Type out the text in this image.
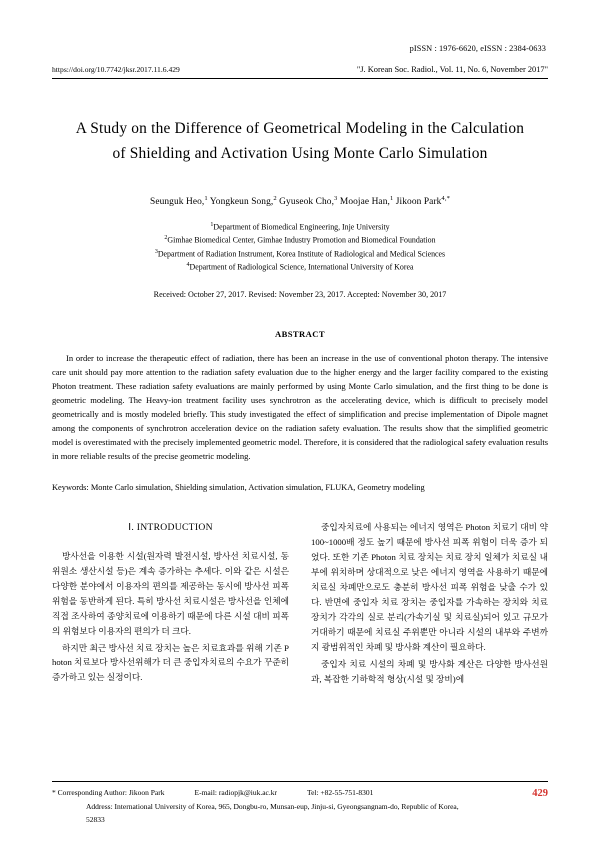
pISSN : 1976-6620, eISSN : 2384-0633
https://doi.org/10.7742/jksr.2017.11.6.429	"J. Korean Soc. Radiol., Vol. 11, No. 6, November 2017"
A Study on the Difference of Geometrical Modeling in the Calculation
of Shielding and Activation Using Monte Carlo Simulation
Seunguk Heo,$^1$ Yongkeun Song,$^2$ Gyuseok Cho,$^3$ Moojae Han,$^1$ Jikoon Park$^{4,*}$
$^1$Department of Biomedical Engineering, Inje University
$^2$Gimhae Biomedical Center, Gimhae Industry Promotion and Biomedical Foundation
$^3$Department of Radiation Instrument, Korea Institute of Radiological and Medical Sciences
$^4$Department of Radiological Science, International University of Korea
Received: October 27, 2017. Revised: November 23, 2017. Accepted: November 30, 2017
ABSTRACT
In order to increase the therapeutic effect of radiation, there has been an increase in the use of conventional photon therapy. The intensive care unit should pay more attention to the radiation safety evaluation due to the higher energy and the larger facility compared to the existing Photon treatment. These radiation safety evaluations are mainly performed by using Monte Carlo simulation, and the first thing to be done is geometric modeling. The Heavy-ion treatment facility uses synchrotron as the accelerating device, which is difficult to precisely model geometrically and is mostly modeled briefly. This study investigated the effect of simplification and precise implementation of Dipole magnet among the components of synchrotron acceleration device on the radiation safety evaluation. The results show that the simplified geometric model is overestimated with the precisely implemented geometric model. Therefore, it is considered that the radiological safety evaluation results in more reliable results of the precise geometric modeling.
Keywords: Monte Carlo simulation, Shielding simulation, Activation simulation, FLUKA, Geometry modeling
Ⅰ. INTRODUCTION

방사선을 이용한 시설(원자력 발전시설, 방사선 치료시설, 동위원소 생산시설 등)은 계속 증가하는 추세다. 이와 같은 시설은 다양한 분야에서 이용자의 편의를 제공하는 동시에 방사선 피폭 위험을 동반하게 된다. 특히 방사선 치료시설은 방사선을 인체에 직접 조사하여 종양치료에 이용하기 때문에 다른 시설 대비 피폭의 위험보다 이용자의 편의가 더 크다.

하지만 최근 방사선 치료 장치는 높은 치료효과를 위해 기존 Photon 치료보다 방사선위해가 더 큰 중입자치료의 수요가 꾸준히 증가하고 있는 실정이다.

중입자치료에 사용되는 에너지 영역은 Photon 치료기 대비 약 100~1000배 정도 높기 때문에 방사선 피폭 위험이 더욱 증가 되었다. 또한 기존 Photon 치료 장치는 치료 장치 일체가 치료실 내부에 위치하며 상대적으로 낮은 에너지 영역을 사용하기 때문에 치료실 차폐만으로도 충분히 방사선 피폭 위험을 낮출 수가 있다. 반면에 중입자 치료 장치는 중입자를 가속하는 장치와 치료 장치가 각각의 실로 분리(가속기실 및 치료실)되어 있고 규모가 거대하기 때문에 치료실 주위뿐만 아니라 시설의 내부와 주변까지 광범위적인 차폐 및 방사화 계산이 필요하다.

중입자 치료 시설의 차폐 및 방사화 계산은 다양한 방사선원과, 복잡한 기하학적 형상(시설 및 장비)에

429
* Corresponding Author: Jikoon Park	E-mail: radiopjk@iuk.ac.kr	Tel: +82-55-751-8301
Address: International University of Korea, 965, Dongbu-ro, Munsan-eup, Jinju-si, Gyeongsangnam-do, Republic of Korea,
52833
